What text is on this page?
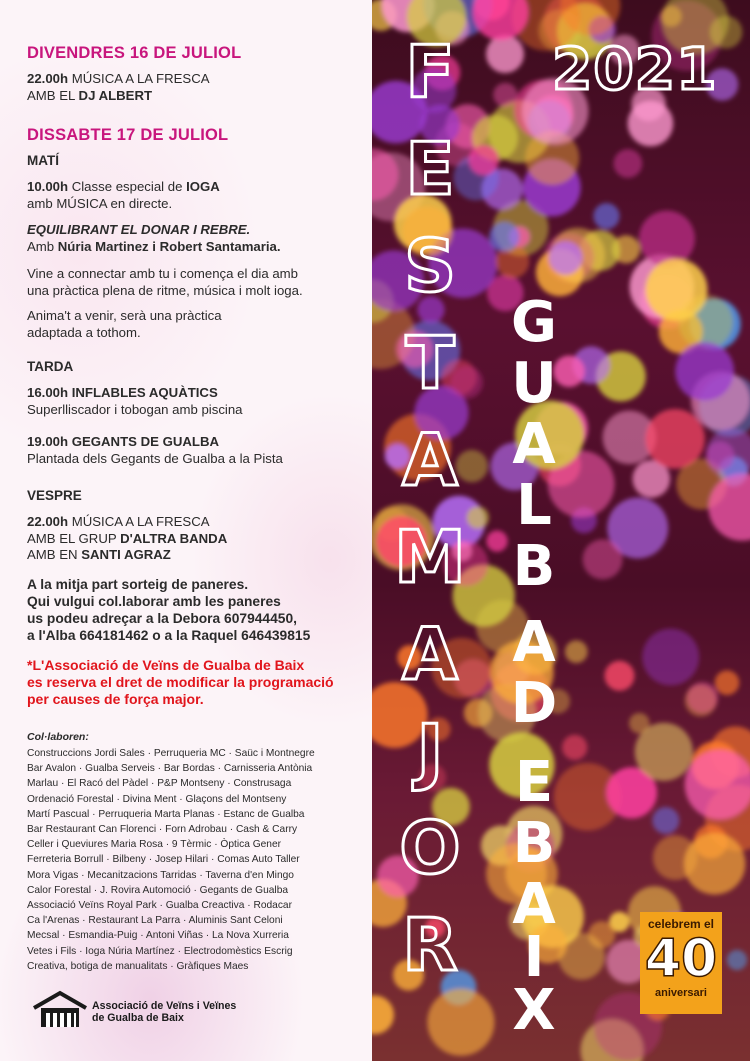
DIVENDRES 16 DE JULIOL
22.00h MÚSICA A LA FRESCA
AMB EL DJ ALBERT
DISSABTE 17 DE JULIOL
MATÍ
10.00h Classe especial de IOGA
amb MÚSICA en directe.
EQUILIBRANT EL DONAR I REBRE.
Amb Núria Martinez i Robert Santamaria.
Vine a connectar amb tu i comença el dia amb
una pràctica plena de ritme, música i molt ioga.
Anima't a venir, serà una pràctica
adaptada a tothom.
TARDA
16.00h INFLABLES AQUÀTICS
Superlliscador i tobogan amb piscina
19.00h GEGANTS DE GUALBA
Plantada dels Gegants de Gualba a la Pista
VESPRE
22.00h MÚSICA A LA FRESCA
AMB EL GRUP D'ALTRA BANDA
AMB EN SANTI AGRAZ
A la mitja part sorteig de paneres.
Qui vulgui col.laborar amb les paneres
us podeu adreçar a la Debora 607944450,
a l'Alba 664181462 o a la Raquel 646439815
*L'Associació de Veïns de Gualba de Baix
es reserva el dret de modificar la programació
per causes de força major.
Col·laboren:
Construccions Jordi Sales · Perruqueria MC · Saüc i Montnegre
Bar Avalon · Gualba Serveis · Bar Bordas · Carnisseria Antònia
Marlau · El Racó del Pàdel · P&P Montseny · Construsaga
Ordenació Forestal · Divina Ment · Glaçons del Montseny
Martí Pascual · Perruqueria Marta Planas · Estanc de Gualba
Bar Restaurant Can Florenci · Forn Adrobau · Cash & Carry
Celler i Queviures Maria Rosa · 9 Tèrmic · Òptica Gener
Ferreteria Borrull · Bilbeny · Josep Hilari · Comas Auto Taller
Mora Vigas · Mecanitzacions Tarridas · Taverna d'en Mingo
Calor Forestal · J. Rovira Automoció · Gegants de Gualba
Associació Veïns Royal Park · Gualba Creactiva · Rodacar
Ca l'Arenas · Restaurant La Parra · Aluminis Sant Celoni
Mecsal · Esmandia-Puig · Antoni Viñas · La Nova Xurreria
Vetes i Fils · Ioga Núria Martínez · Electrodomèstics Escrig
Creativa, botiga de manualitats · Gràfiques Maes
Associació de Veïns i Veïnes
de Gualba de Baix
2021
F
E
S
T
A
M
A
J
O
R
G
U
A
L
B
A
D
E
B
A
I
X
celebrem el
40
aniversari
